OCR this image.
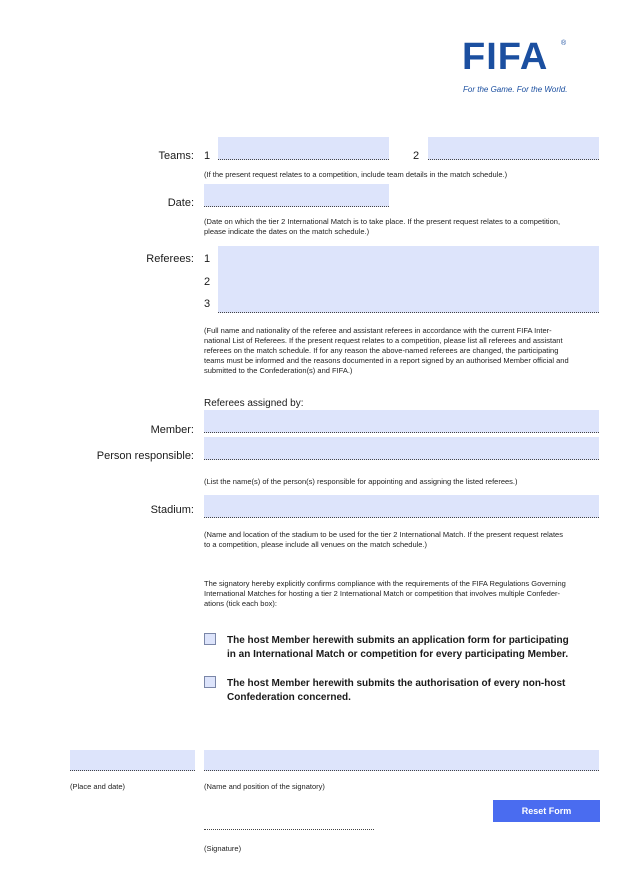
FIFA ®
For the Game. For the World.
Teams: 1	2
(If the present request relates to a competition, include team details in the match schedule.)
Date:
(Date on which the tier 2 International Match is to take place. If the present request relates to a competition,
please indicate the dates on the match schedule.)
Referees: 1
2
3
(Full name and nationality of the referee and assistant referees in accordance with the current FIFA Inter-
national List of Referees. If the present request relates to a competition, please list all referees and assistant
referees on the match schedule. If for any reason the above-named referees are changed, the participating
teams must be informed and the reasons documented in a report signed by an authorised Member official and
submitted to the Confederation(s) and FIFA.)
Referees assigned by:
Member:
Person responsible:
(List the name(s) of the person(s) responsible for appointing and assigning the listed referees.)
Stadium:
(Name and location of the stadium to be used for the tier 2 International Match. If the present request relates
to a competition, please include all venues on the match schedule.)
The signatory hereby explicitly confirms compliance with the requirements of the FIFA Regulations Governing
International Matches for hosting a tier 2 International Match or competition that involves multiple Confeder-
ations (tick each box):
The host Member herewith submits an application form for participating
in an International Match or competition for every participating Member.
The host Member herewith submits the authorisation of every non-host
Confederation concerned.
(Place and date)	(Name and position of the signatory)
Reset Form
(Signature)
